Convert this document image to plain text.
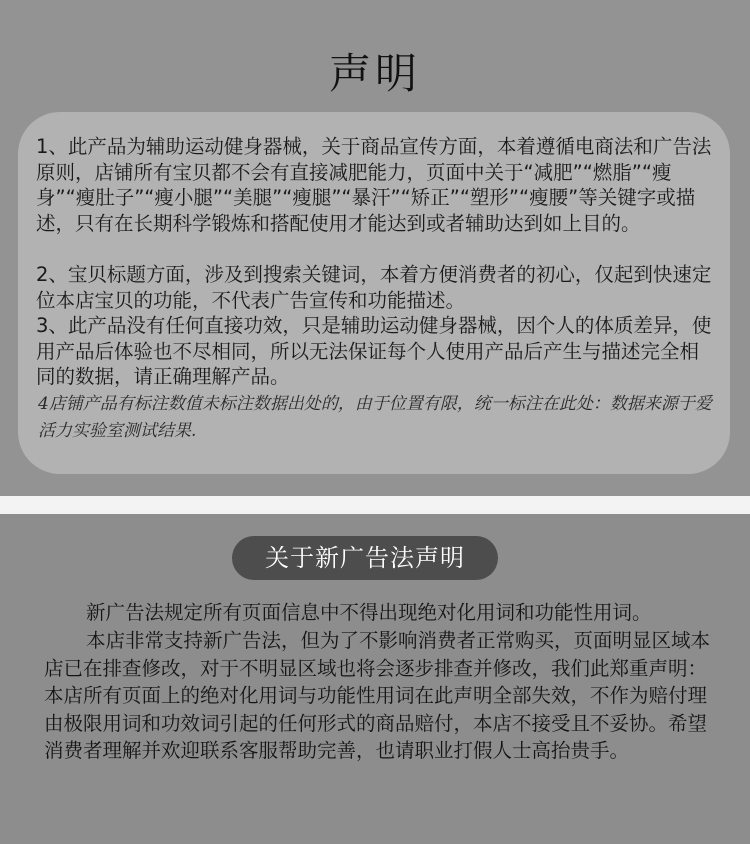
声明

1、此产品为辅助运动健身器械，关于商品宣传方面，本着遵循电商法和广告法原则，店铺所有宝贝都不会有直接减肥能力，页面中关于“减肥”“燃脂”“瘦身”“瘦肚子”“瘦小腿”“美腿”“瘦腿”“暴汗”“矫正”“塑形”“瘦腰”等关键字或描述，只有在长期科学锻炼和搭配使用才能达到或者辅助达到如上目的。

2、宝贝标题方面，涉及到搜索关键词，本着方便消费者的初心，仅起到快速定位本店宝贝的功能，不代表广告宣传和功能描述。

3、此产品没有任何直接功效，只是辅助运动健身器械，因个人的体质差异，使用产品后体验也不尽相同，所以无法保证每个人使用产品后产生与描述完全相同的数据，请正确理解产品。

4店铺产品有标注数值未标注数据出处的，由于位置有限，统一标注在此处：数据来源于爱活力实验室测试结果.

关于新广告法声明

新广告法规定所有页面信息中不得出现绝对化用词和功能性用词。

本店非常支持新广告法，但为了不影响消费者正常购买，页面明显区域本店已在排查修改，对于不明显区域也将会逐步排查并修改，我们此郑重声明：本店所有页面上的绝对化用词与功能性用词在此声明全部失效，不作为赔付理由极限用词和功效词引起的任何形式的商品赔付，本店不接受且不妥协。希望消费者理解并欢迎联系客服帮助完善，也请职业打假人士高抬贵手。
